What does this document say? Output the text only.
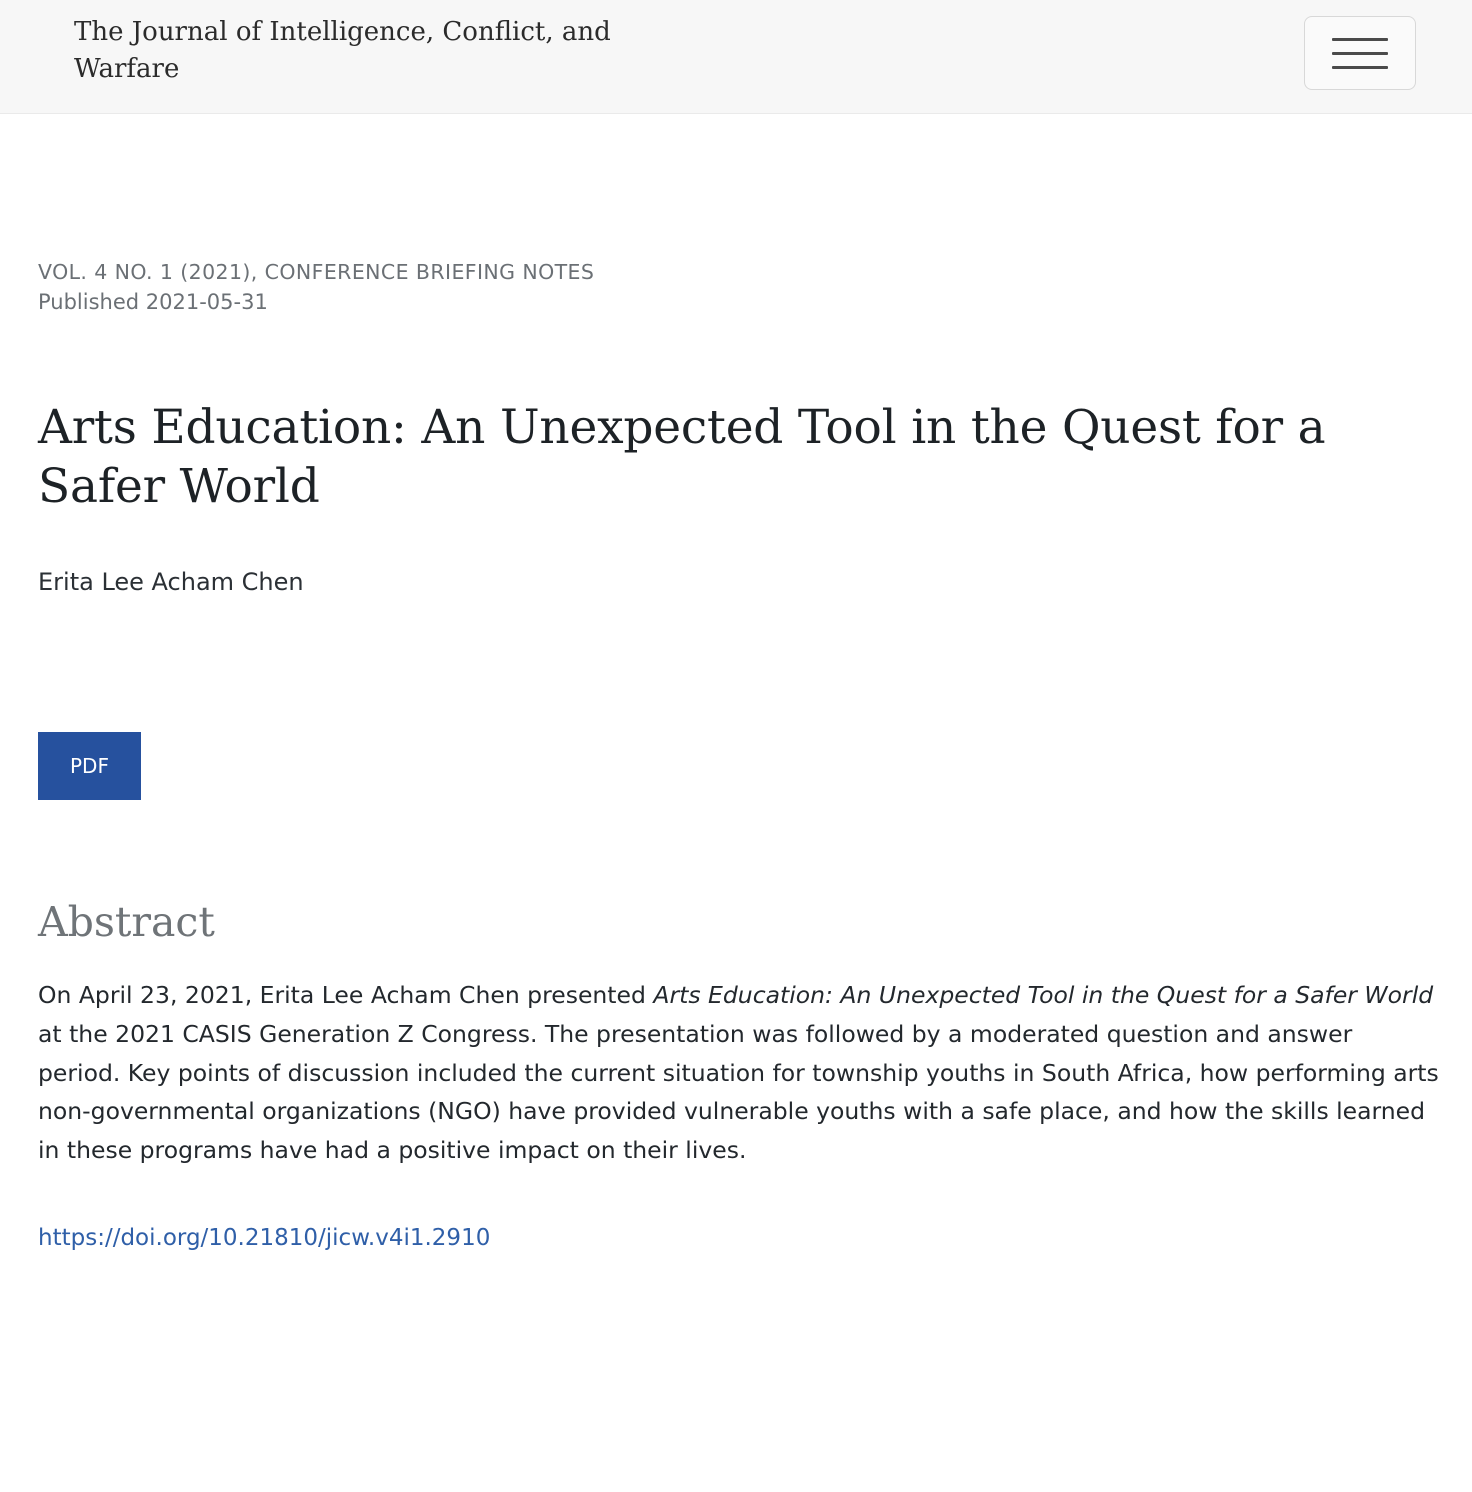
The Journal of Intelligence, Conflict, and Warfare
VOL. 4 NO. 1 (2021), CONFERENCE BRIEFING NOTES
Published 2021-05-31
Arts Education: An Unexpected Tool in the Quest for a Safer World
Erita Lee Acham Chen
PDF
Abstract

On April 23, 2021, Erita Lee Acham Chen presented Arts Education: An Unexpected Tool in the Quest for a Safer World at the 2021 CASIS Generation Z Congress. The presentation was followed by a moderated question and answer period. Key points of discussion included the current situation for township youths in South Africa, how performing arts non-governmental organizations (NGO) have provided vulnerable youths with a safe place, and how the skills learned in these programs have had a positive impact on their lives.

https://doi.org/10.21810/jicw.v4i1.2910
